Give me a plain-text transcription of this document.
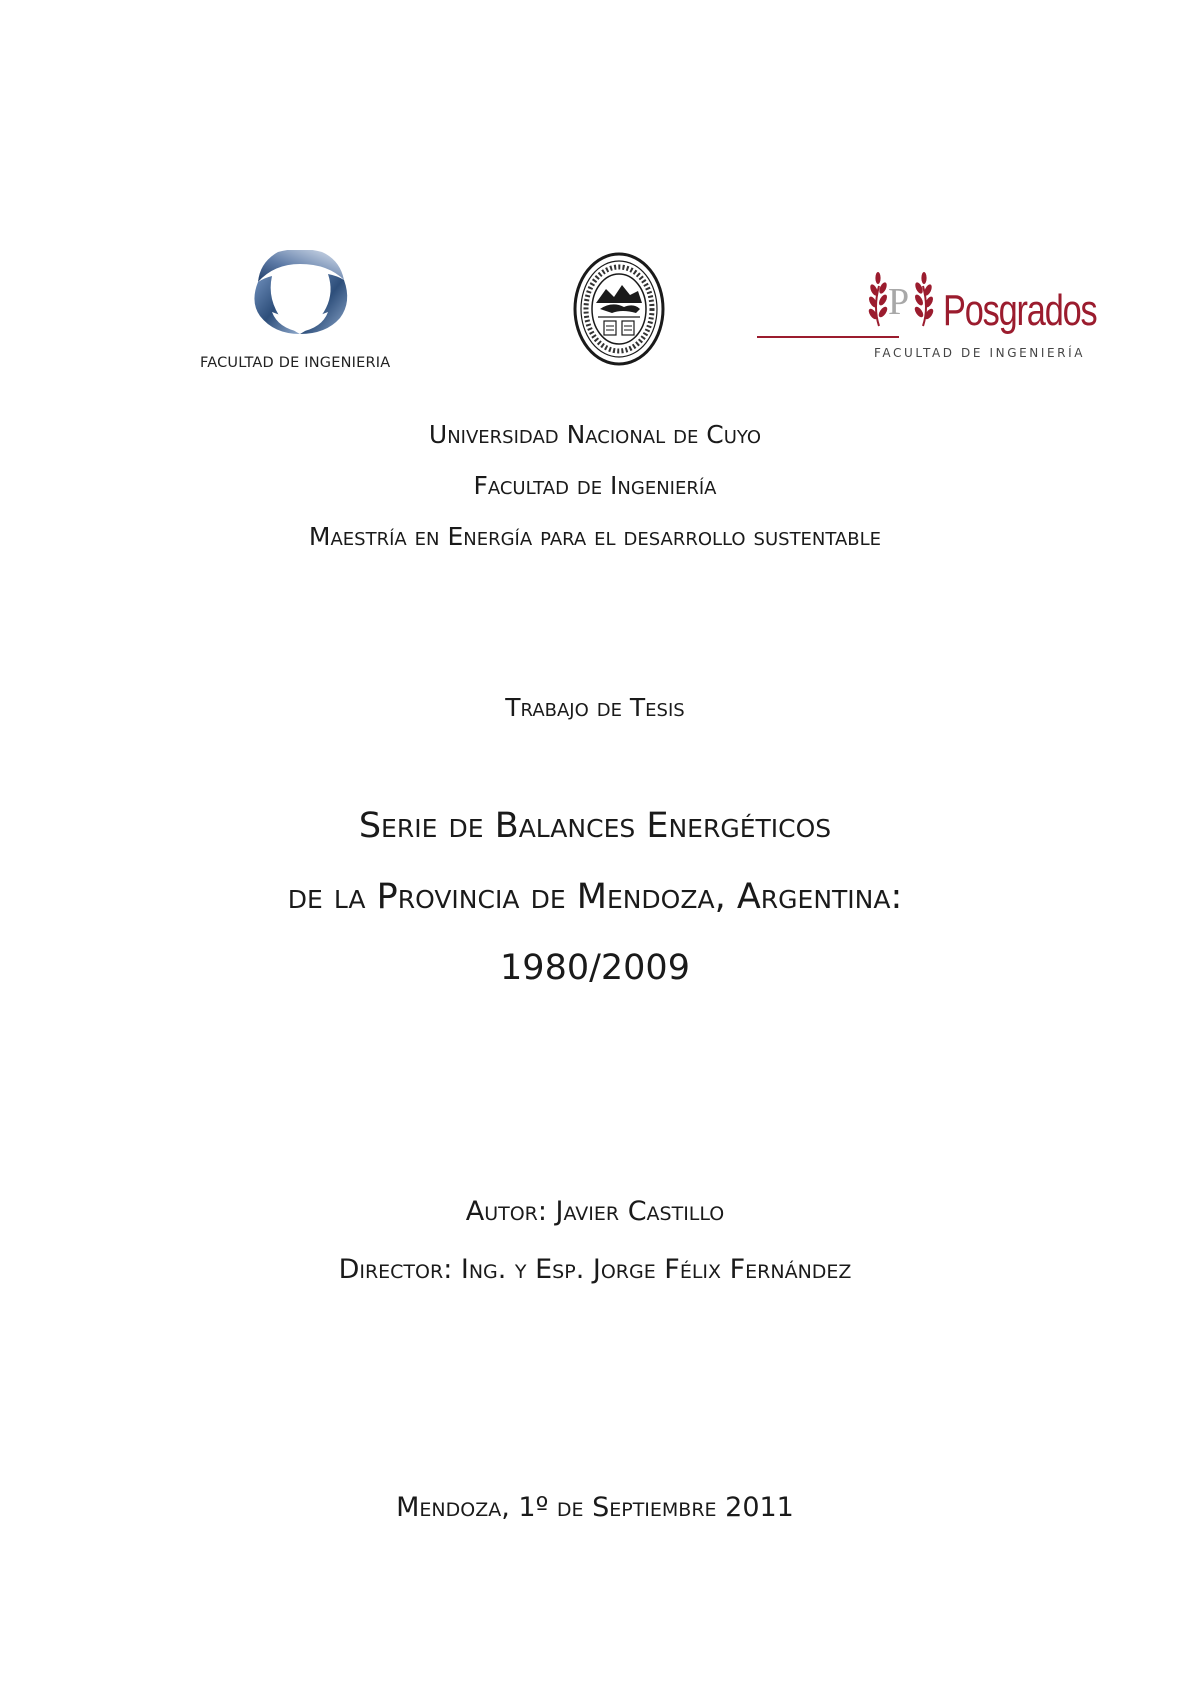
FACULTAD DE INGENIERIA
P Posgrados
FACULTAD DE INGENIERÍA
Universidad Nacional de Cuyo
Facultad de Ingeniería
Maestría en Energía para el desarrollo sustentable
Trabajo de Tesis
Serie de Balances Energéticos
de la Provincia de Mendoza, Argentina:
1980/2009
Autor: Javier Castillo
Director: Ing. y Esp. Jorge Félix Fernández
Mendoza, 1º de Septiembre 2011
